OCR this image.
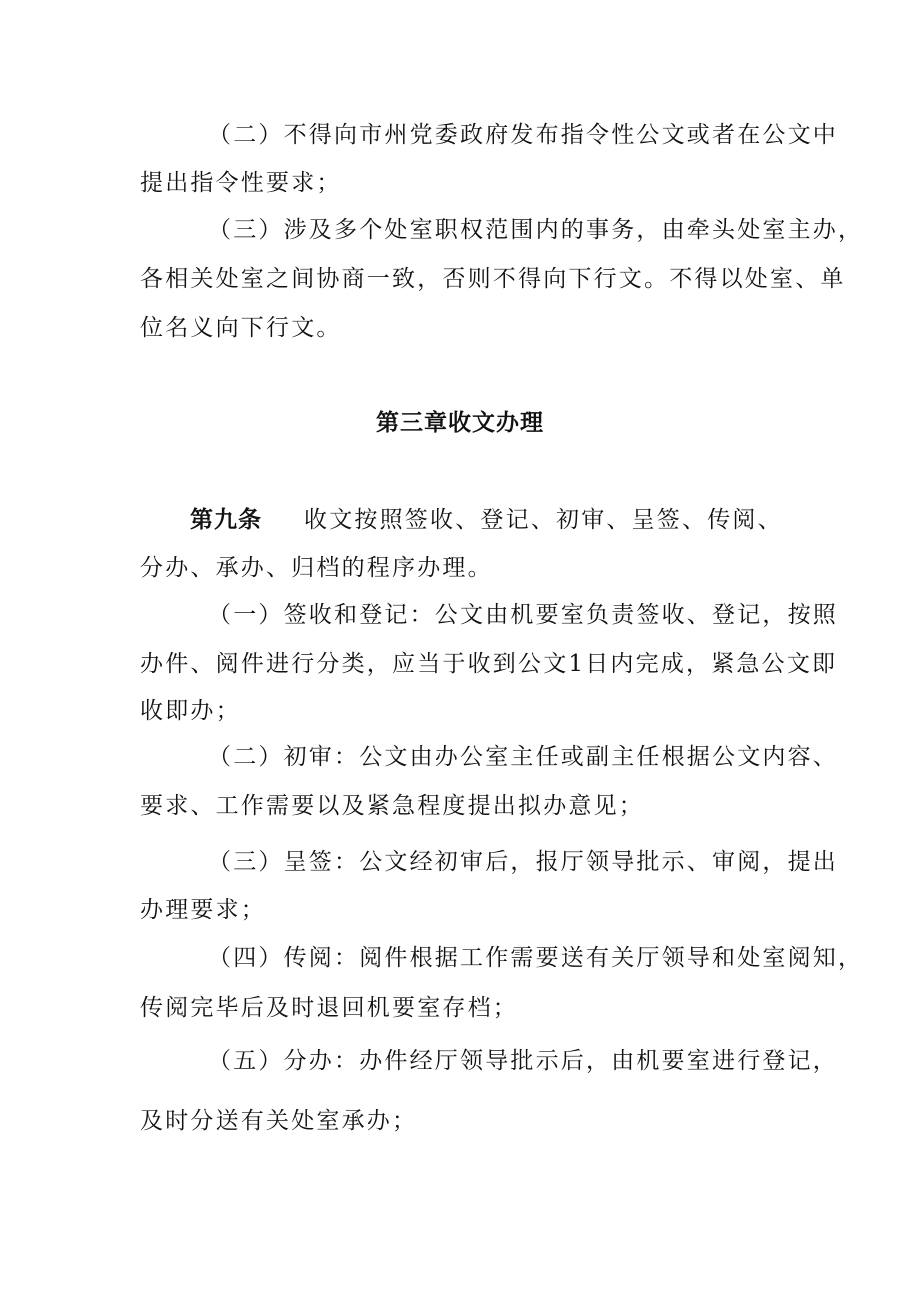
（二）不得向市州党委政府发布指令性公文或者在公文中
提出指令性要求；
（三）涉及多个处室职权范围内的事务，由牵头处室主办，
各相关处室之间协商一致，否则不得向下行文。不得以处室、单
位名义向下行文。
第三章收文办理
第九条 收文按照签收、登记、初审、呈签、传阅、
分办、承办、归档的程序办理。
（一）签收和登记：公文由机要室负责签收、登记，按照
办件、阅件进行分类，应当于收到公文1日内完成，紧急公文即
收即办；
（二）初审：公文由办公室主任或副主任根据公文内容、
要求、工作需要以及紧急程度提出拟办意见；
（三）呈签：公文经初审后，报厅领导批示、审阅，提出
办理要求；
（四）传阅：阅件根据工作需要送有关厅领导和处室阅知，
传阅完毕后及时退回机要室存档；
（五）分办：办件经厅领导批示后，由机要室进行登记，
及时分送有关处室承办；
